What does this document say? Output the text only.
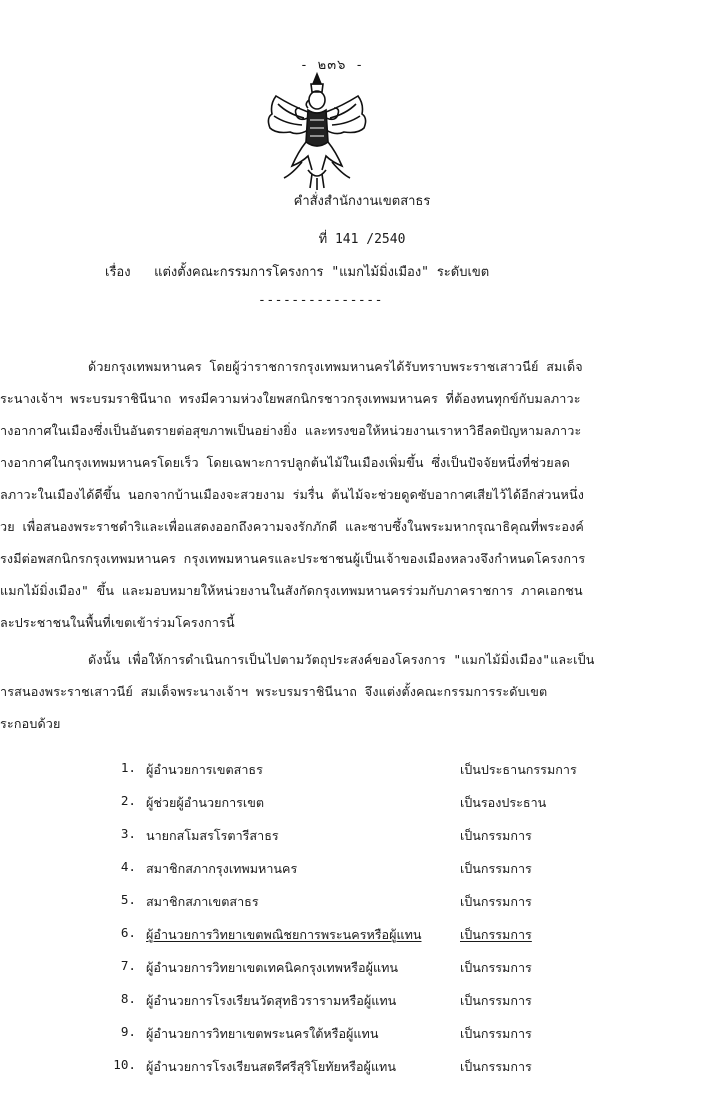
- ๒๓๖ -
คำสั่งสำนักงานเขตสาธร
ที่ 141 /2540
เรื่อง แต่งตั้งคณะกรรมการโครงการ "แมกไม้มิ่งเมือง" ระดับเขต
---------------
ด้วยกรุงเทพมหานคร โดยผู้ว่าราชการกรุงเทพมหานครได้รับทราบพระราชเสาวนีย์ สมเด็จ
ระนางเจ้าฯ พระบรมราชินีนาถ ทรงมีความห่วงใยพสกนิกรชาวกรุงเทพมหานคร ที่ต้องทนทุกข์กับมลภาวะ
างอากาศในเมืองซึ่งเป็นอันตรายต่อสุขภาพเป็นอย่างยิ่ง และทรงขอให้หน่วยงานเราหาวิธีลดปัญหามลภาวะ
างอากาศในกรุงเทพมหานครโดยเร็ว โดยเฉพาะการปลูกต้นไม้ในเมืองเพิ่มขึ้น ซึ่งเป็นปัจจัยหนึ่งที่ช่วยลด
ลภาวะในเมืองได้ดีขึ้น นอกจากบ้านเมืองจะสวยงาม ร่มรื่น ต้นไม้จะช่วยดูดซับอากาศเสียไว้ได้อีกส่วนหนึ่ง
วย เพื่อสนองพระราชดำริและเพื่อแสดงออกถึงความจงรักภักดี และซาบซึ้งในพระมหากรุณาธิคุณที่พระองค์
รงมีต่อพสกนิกรกรุงเทพมหานคร กรุงเทพมหานครและประชาชนผู้เป็นเจ้าของเมืองหลวงจึงกำหนดโครงการ
แมกไม้มิ่งเมือง" ขึ้น และมอบหมายให้หน่วยงานในสังกัดกรุงเทพมหานครร่วมกับภาคราชการ ภาคเอกชน
ละประชาชนในพื้นที่เขตเข้าร่วมโครงการนี้
ดังนั้น เพื่อให้การดำเนินการเป็นไปตามวัตถุประสงค์ของโครงการ "แมกไม้มิ่งเมือง"และเป็น
ารสนองพระราชเสาวนีย์ สมเด็จพระนางเจ้าฯ พระบรมราชินีนาถ จึงแต่งตั้งคณะกรรมการระดับเขต
ระกอบด้วย
1. ผู้อำนวยการเขตสาธร	เป็นประธานกรรมการ
2. ผู้ช่วยผู้อำนวยการเขต	เป็นรองประธาน
3. นายกสโมสรโรตารีสาธร	เป็นกรรมการ
4. สมาชิกสภากรุงเทพมหานคร	เป็นกรรมการ
5. สมาชิกสภาเขตสาธร	เป็นกรรมการ
6. ผู้อำนวยการวิทยาเขตพณิชยการพระนครหรือผู้แทน	เป็นกรรมการ
7. ผู้อำนวยการวิทยาเขตเทคนิคกรุงเทพหรือผู้แทน	เป็นกรรมการ
8. ผู้อำนวยการโรงเรียนวัดสุทธิวรารามหรือผู้แทน	เป็นกรรมการ
9. ผู้อำนวยการวิทยาเขตพระนครใต้หรือผู้แทน	เป็นกรรมการ
10. ผู้อำนวยการโรงเรียนสตรีศรีสุริโยทัยหรือผู้แทน	เป็นกรรมการ
